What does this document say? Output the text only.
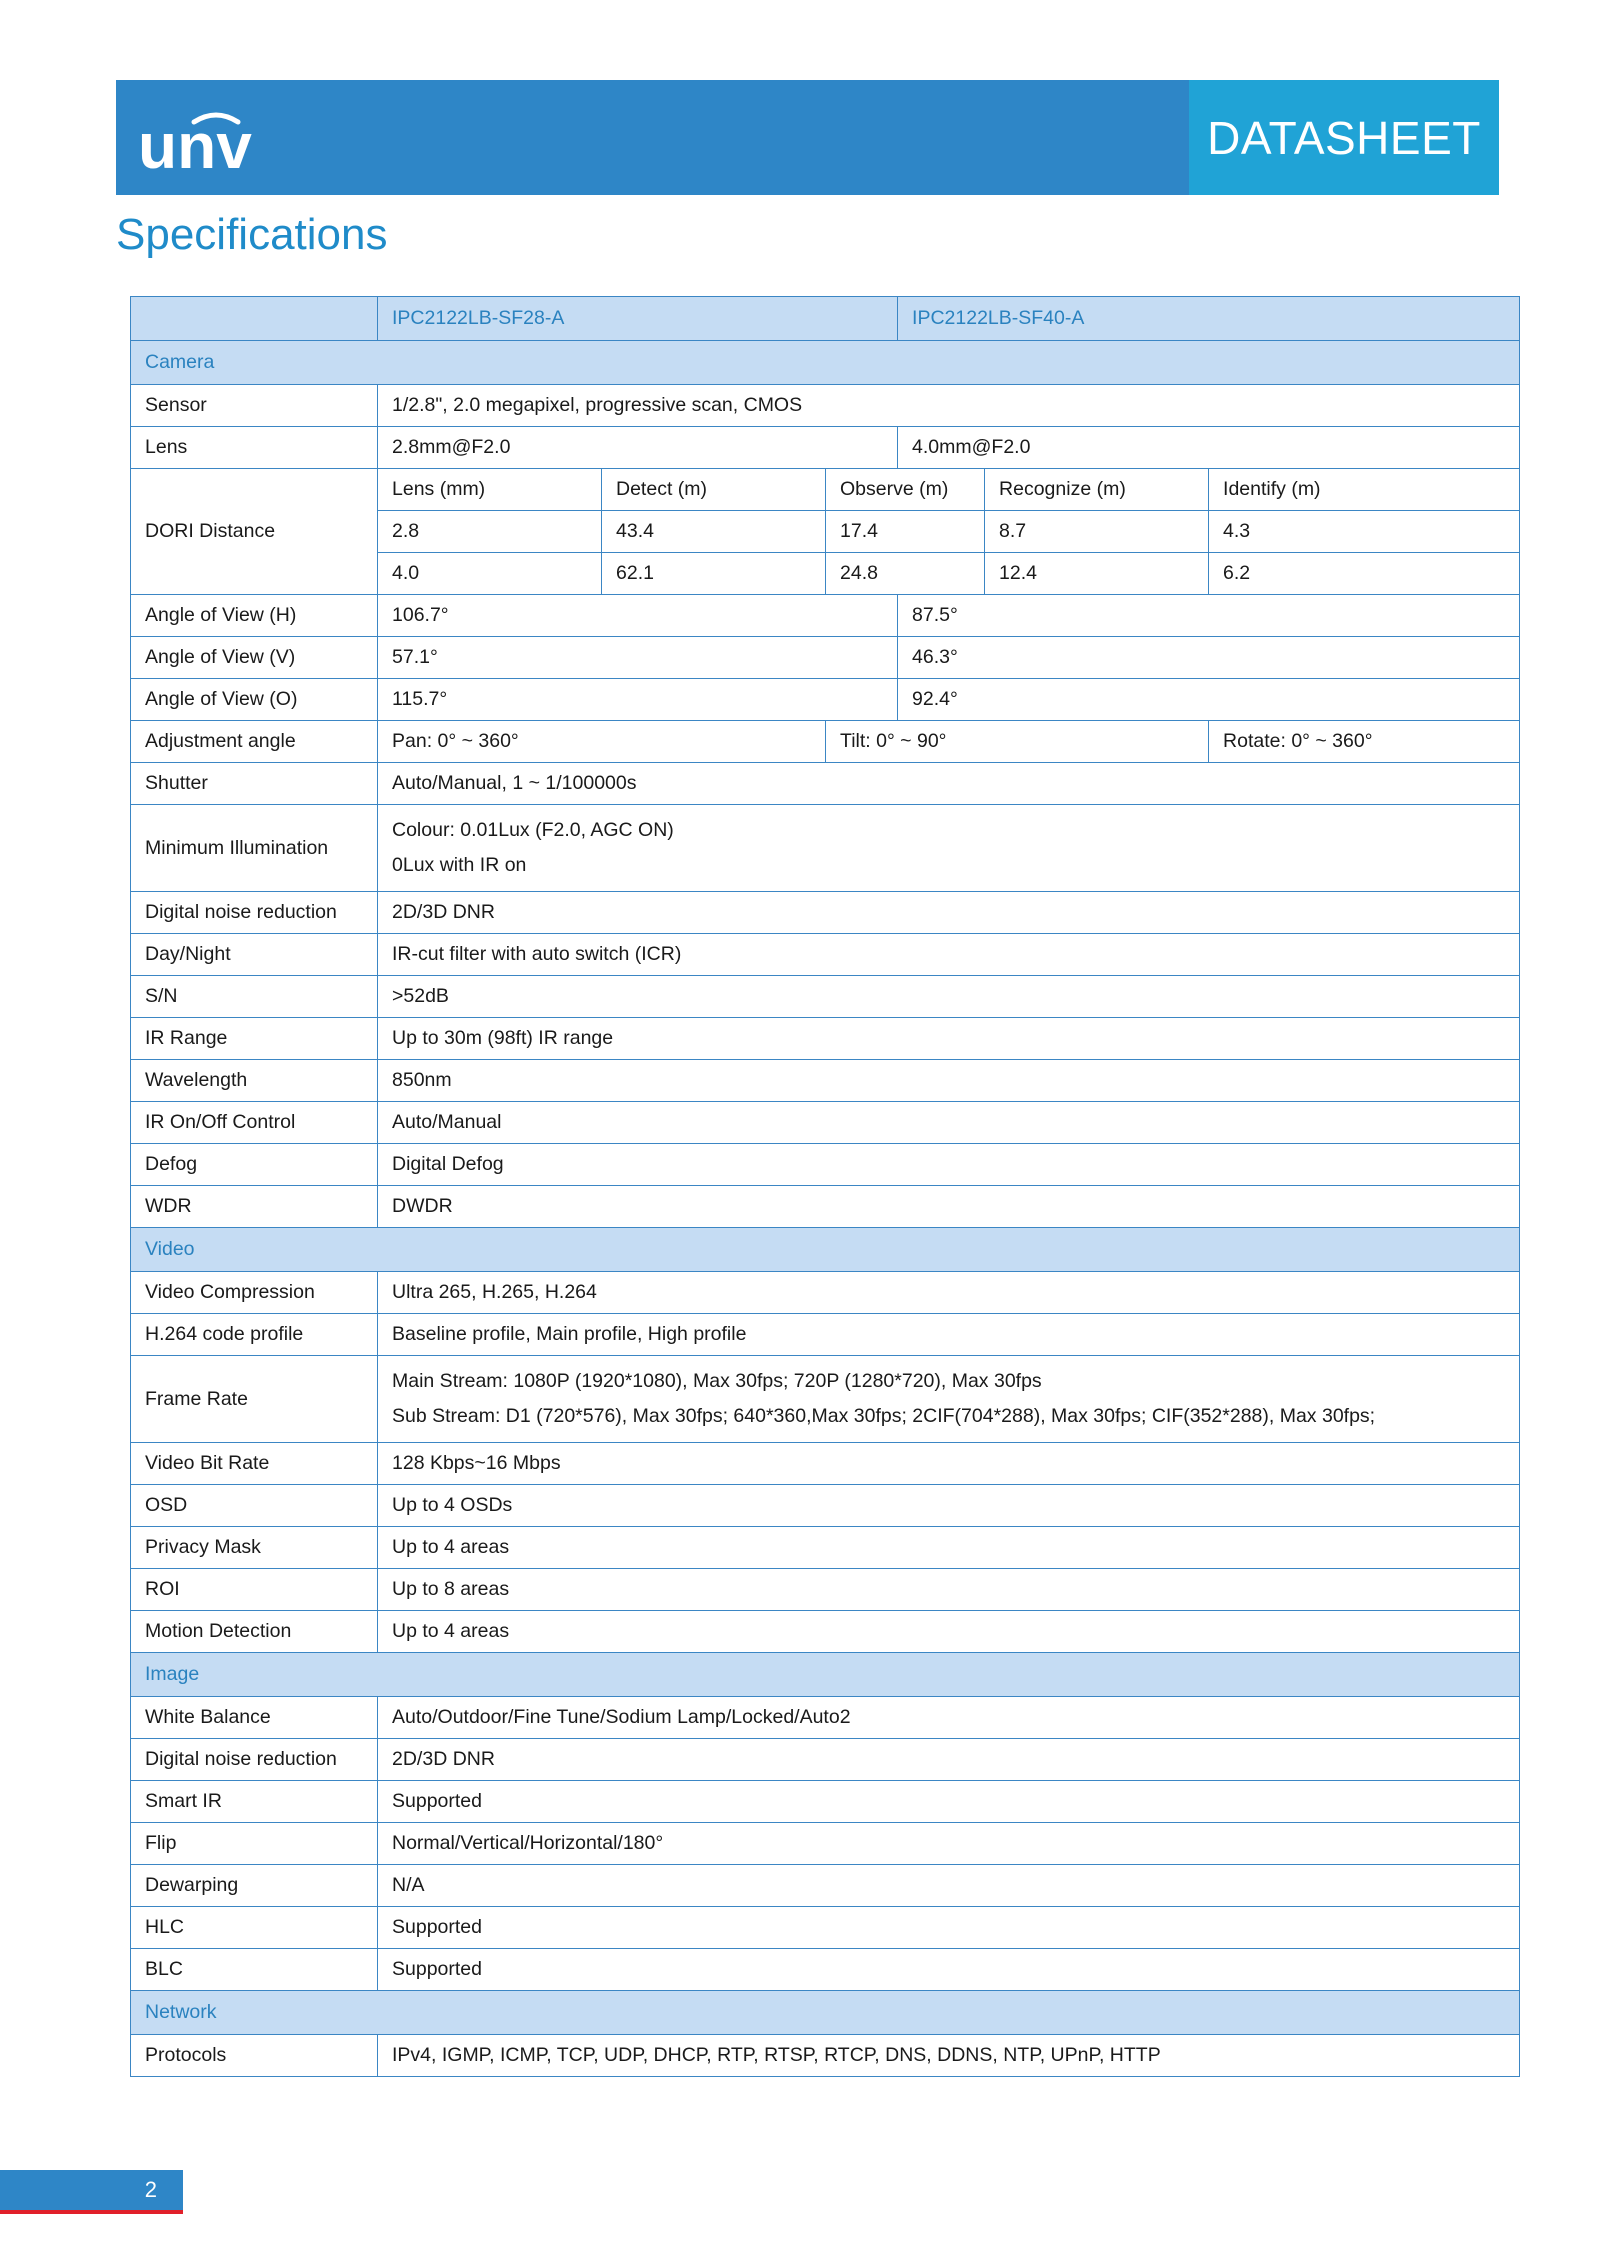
unv	DATASHEET
Specifications
	IPC2122LB-SF28-A			IPC2122LB-SF40-A		
Camera						
Sensor	1/2.8", 2.0 megapixel, progressive scan, CMOS					
Lens	2.8mm@F2.0			4.0mm@F2.0		
DORI Distance	Lens (mm)	Detect (m)	Observe (m)		Recognize (m)	Identify (m)
	2.8	43.4	17.4		8.7	4.3
	4.0	62.1	24.8		12.4	6.2
Angle of View (H)	106.7°			87.5°		
Angle of View (V)	57.1°			46.3°		
Angle of View (O)	115.7°			92.4°		
Adjustment angle	Pan: 0° ~ 360°		Tilt: 0° ~ 90°			Rotate: 0° ~ 360°
Shutter	Auto/Manual, 1 ~ 1/100000s					
Minimum Illumination	Colour: 0.01Lux (F2.0, AGC ON)
0Lux with IR on					

Digital noise reduction	2D/3D DNR					
Day/Night	IR-cut filter with auto switch (ICR)					
S/N	>52dB					
IR Range	Up to 30m (98ft) IR range					
Wavelength	850nm					
IR On/Off Control	Auto/Manual					
Defog	Digital Defog					
WDR	DWDR					
Video						
Video Compression	Ultra 265, H.265, H.264					
H.264 code profile	Baseline profile, Main profile, High profile					
Frame Rate	Main Stream: 1080P (1920*1080), Max 30fps; 720P (1280*720), Max 30fps
Sub Stream: D1 (720*576), Max 30fps; 640*360,Max 30fps; 2CIF(704*288), Max 30fps; CIF(352*288), Max 30fps;					

Video Bit Rate	128 Kbps~16 Mbps					
OSD	Up to 4 OSDs					
Privacy Mask	Up to 4 areas					
ROI	Up to 8 areas					
Motion Detection	Up to 4 areas					
Image						
White Balance	Auto/Outdoor/Fine Tune/Sodium Lamp/Locked/Auto2					
Digital noise reduction	2D/3D DNR					
Smart IR	Supported					
Flip	Normal/Vertical/Horizontal/180°					
Dewarping	N/A					
HLC	Supported					
BLC	Supported					
Network						
Protocols	IPv4, IGMP, ICMP, TCP, UDP, DHCP, RTP, RTSP, RTCP, DNS, DDNS, NTP, UPnP, HTTP					
2
